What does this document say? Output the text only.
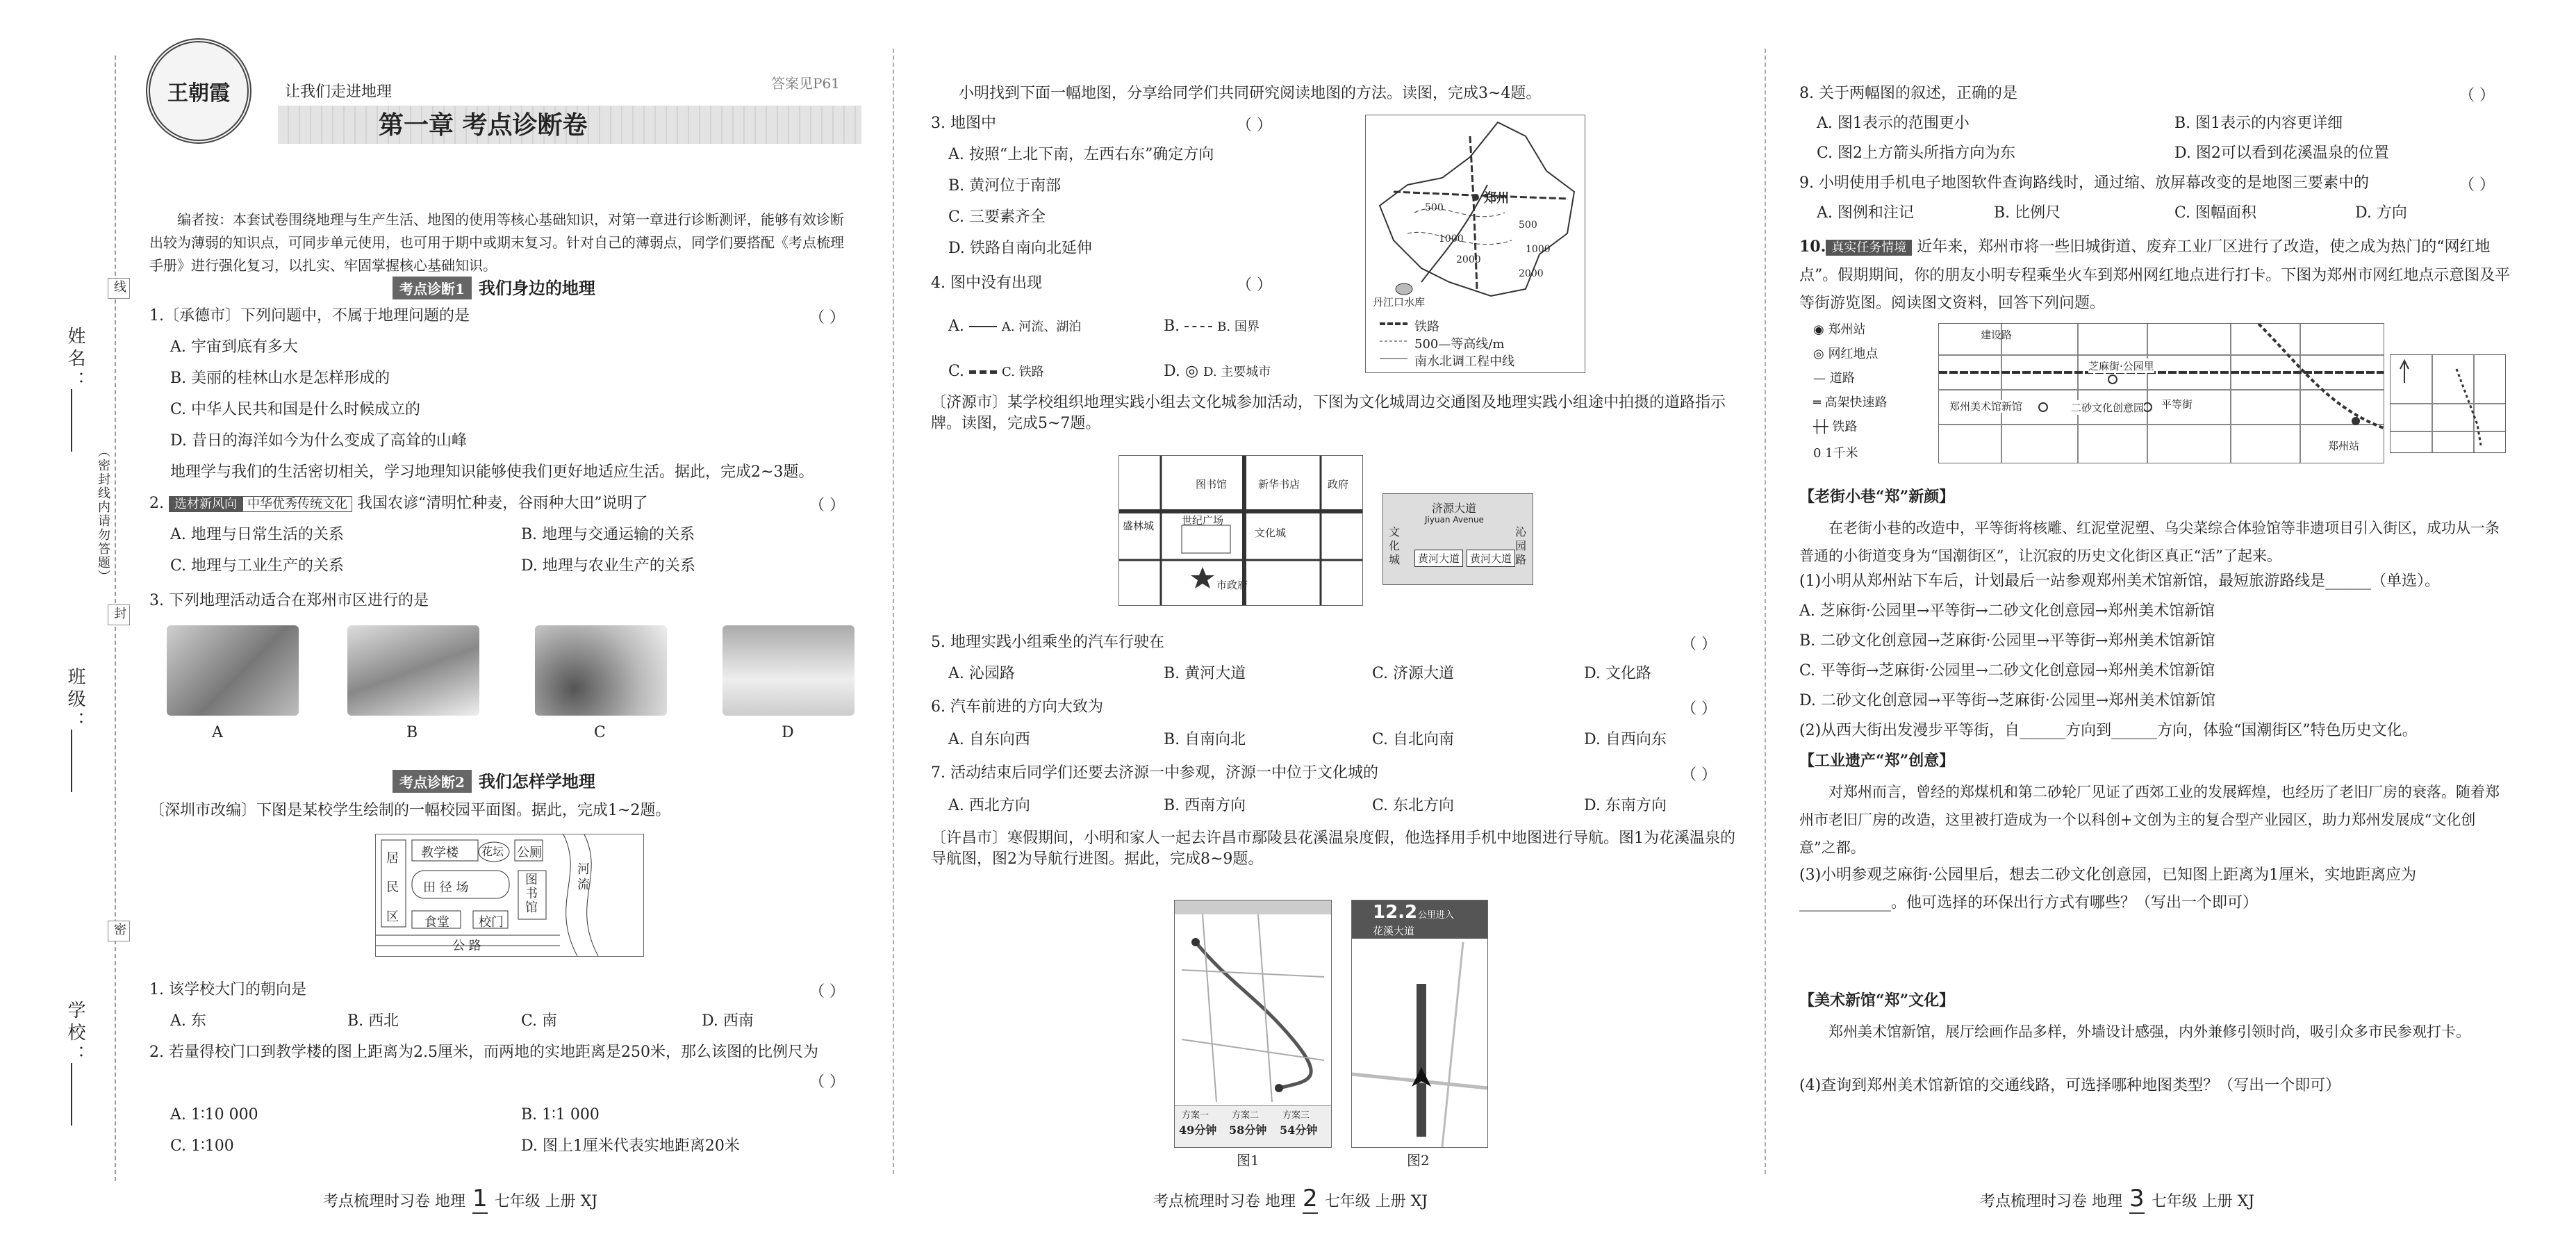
姓名：
班级：
学校：
（密封线内请勿答题）
线
封
密
王朝霞	让我们走进地理	答案见P61
第一章 考点诊断卷
编者按：本套试卷围绕地理与生产生活、地图的使用等核心基础知识，对第一章进行诊断测评，能够有效诊断出较为薄弱的知识点，可同步单元使用，也可用于期中或期末复习。针对自己的薄弱点，同学们要搭配《考点梳理手册》进行强化复习，以扎实、牢固掌握核心基础知识。
考点诊断1 我们身边的地理
1.〔承德市〕下列问题中，不属于地理问题的是	（ ）
A. 宇宙到底有多大
B. 美丽的桂林山水是怎样形成的
C. 中华人民共和国是什么时候成立的
D. 昔日的海洋如今为什么变成了高耸的山峰
地理学与我们的生活密切相关，学习地理知识能够使我们更好地适应生活。据此，完成2~3题。
2. 选材新风向 中华优秀传统文化 我国农谚“清明忙种麦，谷雨种大田”说明了	（ ）
A. 地理与日常生活的关系	B. 地理与交通运输的关系
C. 地理与工业生产的关系	D. 地理与农业生产的关系
3. 下列地理活动适合在郑州市区进行的是
A	B	C	D
考点诊断2 我们怎样学地理
〔深圳市改编〕下图是某校学生绘制的一幅校园平面图。据此，完成1~2题。
居 教学楼 花坛 公厕
民 田 径 场
图书馆
区 食堂 校门
公 路
河流
1. 该学校大门的朝向是	（ ）
A. 东	B. 西北	C. 南	D. 西南
2. 若量得校门口到教学楼的图上距离为2.5厘米，而两地的实地距离是250米，那么该图的比例尺为
（ ）
A. 1∶10 000	B. 1∶1 000
C. 1∶100	D. 图上1厘米代表实地距离20米
考点梳理时习卷 地理 1 七年级 上册 XJ
小明找到下面一幅地图，分享给同学们共同研究阅读地图的方法。读图，完成3~4题。
3. 地图中	（ ）
A. 按照“上北下南，左西右东”确定方向
B. 黄河位于南部
C. 三要素齐全
D. 铁路自南向北延伸
4. 图中没有出现	（ ）
A.	A. 河流、湖泊	B.	B. 国界
C.	C. 铁路	D. ◎ D. 主要城市
郑州
丹江口水库
500
1000
2000
500
1000
2000
铁路
500—等高线/m
南水北调工程中线
〔济源市〕某学校组织地理实践小组去文化城参加活动，下图为文化城周边交通图及地理实践小组途中拍摄的道路指示牌。读图，完成5~7题。
图书馆	新华书店	政府
盛林城	世纪广场
文化城
市政府
济源大道
Jiyuan Avenue
文化城
沁园路
黄河大道 黄河大道
5. 地理实践小组乘坐的汽车行驶在	（ ）
A. 沁园路	B. 黄河大道	C. 济源大道	D. 文化路
6. 汽车前进的方向大致为	（ ）
A. 自东向西	B. 自南向北	C. 自北向南	D. 自西向东
7. 活动结束后同学们还要去济源一中参观，济源一中位于文化城的	（ ）
A. 西北方向	B. 西南方向	C. 东北方向	D. 东南方向
〔许昌市〕寒假期间，小明和家人一起去许昌市鄢陵县花溪温泉度假，他选择用手机中地图进行导航。图1为花溪温泉的导航图，图2为导航行进图。据此，完成8~9题。
方案一	方案二	方案三
49分钟 58分钟 54分钟
图1
12.2 公里进入
花溪大道
图2
考点梳理时习卷 地理 2 七年级 上册 XJ
8. 关于两幅图的叙述，正确的是	（ ）
A. 图1表示的范围更小	B. 图1表示的内容更详细
C. 图2上方箭头所指方向为东	D. 图2可以看到花溪温泉的位置
9. 小明使用手机电子地图软件查询路线时，通过缩、放屏幕改变的是地图三要素中的	（ ）
A. 图例和注记	B. 比例尺	C. 图幅面积	D. 方向
10. 真实任务情境 近年来，郑州市将一些旧城街道、废弃工业厂区进行了改造，使之成为热门的“网红地点”。假期期间，你的朋友小明专程乘坐火车到郑州网红地点进行打卡。下图为郑州市网红地点示意图及平等街游览图。阅读图文资料，回答下列问题。
◉ 郑州站
◎ 网红地点
— 道路
═ 高架快速路
┼┼ 铁路
0 1千米
芝麻街·公园里
郑州美术馆新馆	二砂文化创意园 平等街
建设路
郑州站
【老街小巷“郑”新颜】
在老街小巷的改造中，平等街将核雕、红泥堂泥塑、乌尖菜综合体验馆等非遗项目引入街区，成功从一条普通的小街道变身为“国潮街区”，让沉寂的历史文化街区真正“活”了起来。
(1)小明从郑州站下车后，计划最后一站参观郑州美术馆新馆，最短旅游路线是______（单选）。
A. 芝麻街·公园里→平等街→二砂文化创意园→郑州美术馆新馆
B. 二砂文化创意园→芝麻街·公园里→平等街→郑州美术馆新馆
C. 平等街→芝麻街·公园里→二砂文化创意园→郑州美术馆新馆
D. 二砂文化创意园→平等街→芝麻街·公园里→郑州美术馆新馆
(2)从西大街出发漫步平等街，自______方向到______方向，体验“国潮街区”特色历史文化。
【工业遗产“郑”创意】
对郑州而言，曾经的郑煤机和第二砂轮厂见证了西郊工业的发展辉煌，也经历了老旧厂房的衰落。随着郑州市老旧厂房的改造，这里被打造成为一个以科创+文创为主的复合型产业园区，助力郑州发展成“文化创意”之都。
(3)小明参观芝麻街·公园里后，想去二砂文化创意园，已知图上距离为1厘米，实地距离应为____________。他可选择的环保出行方式有哪些？（写出一个即可）
【美术新馆“郑”文化】
郑州美术馆新馆，展厅绘画作品多样，外墙设计感强，内外兼修引领时尚，吸引众多市民参观打卡。
(4)查询到郑州美术馆新馆的交通线路，可选择哪种地图类型？（写出一个即可）
考点梳理时习卷 地理 3 七年级 上册 XJ
